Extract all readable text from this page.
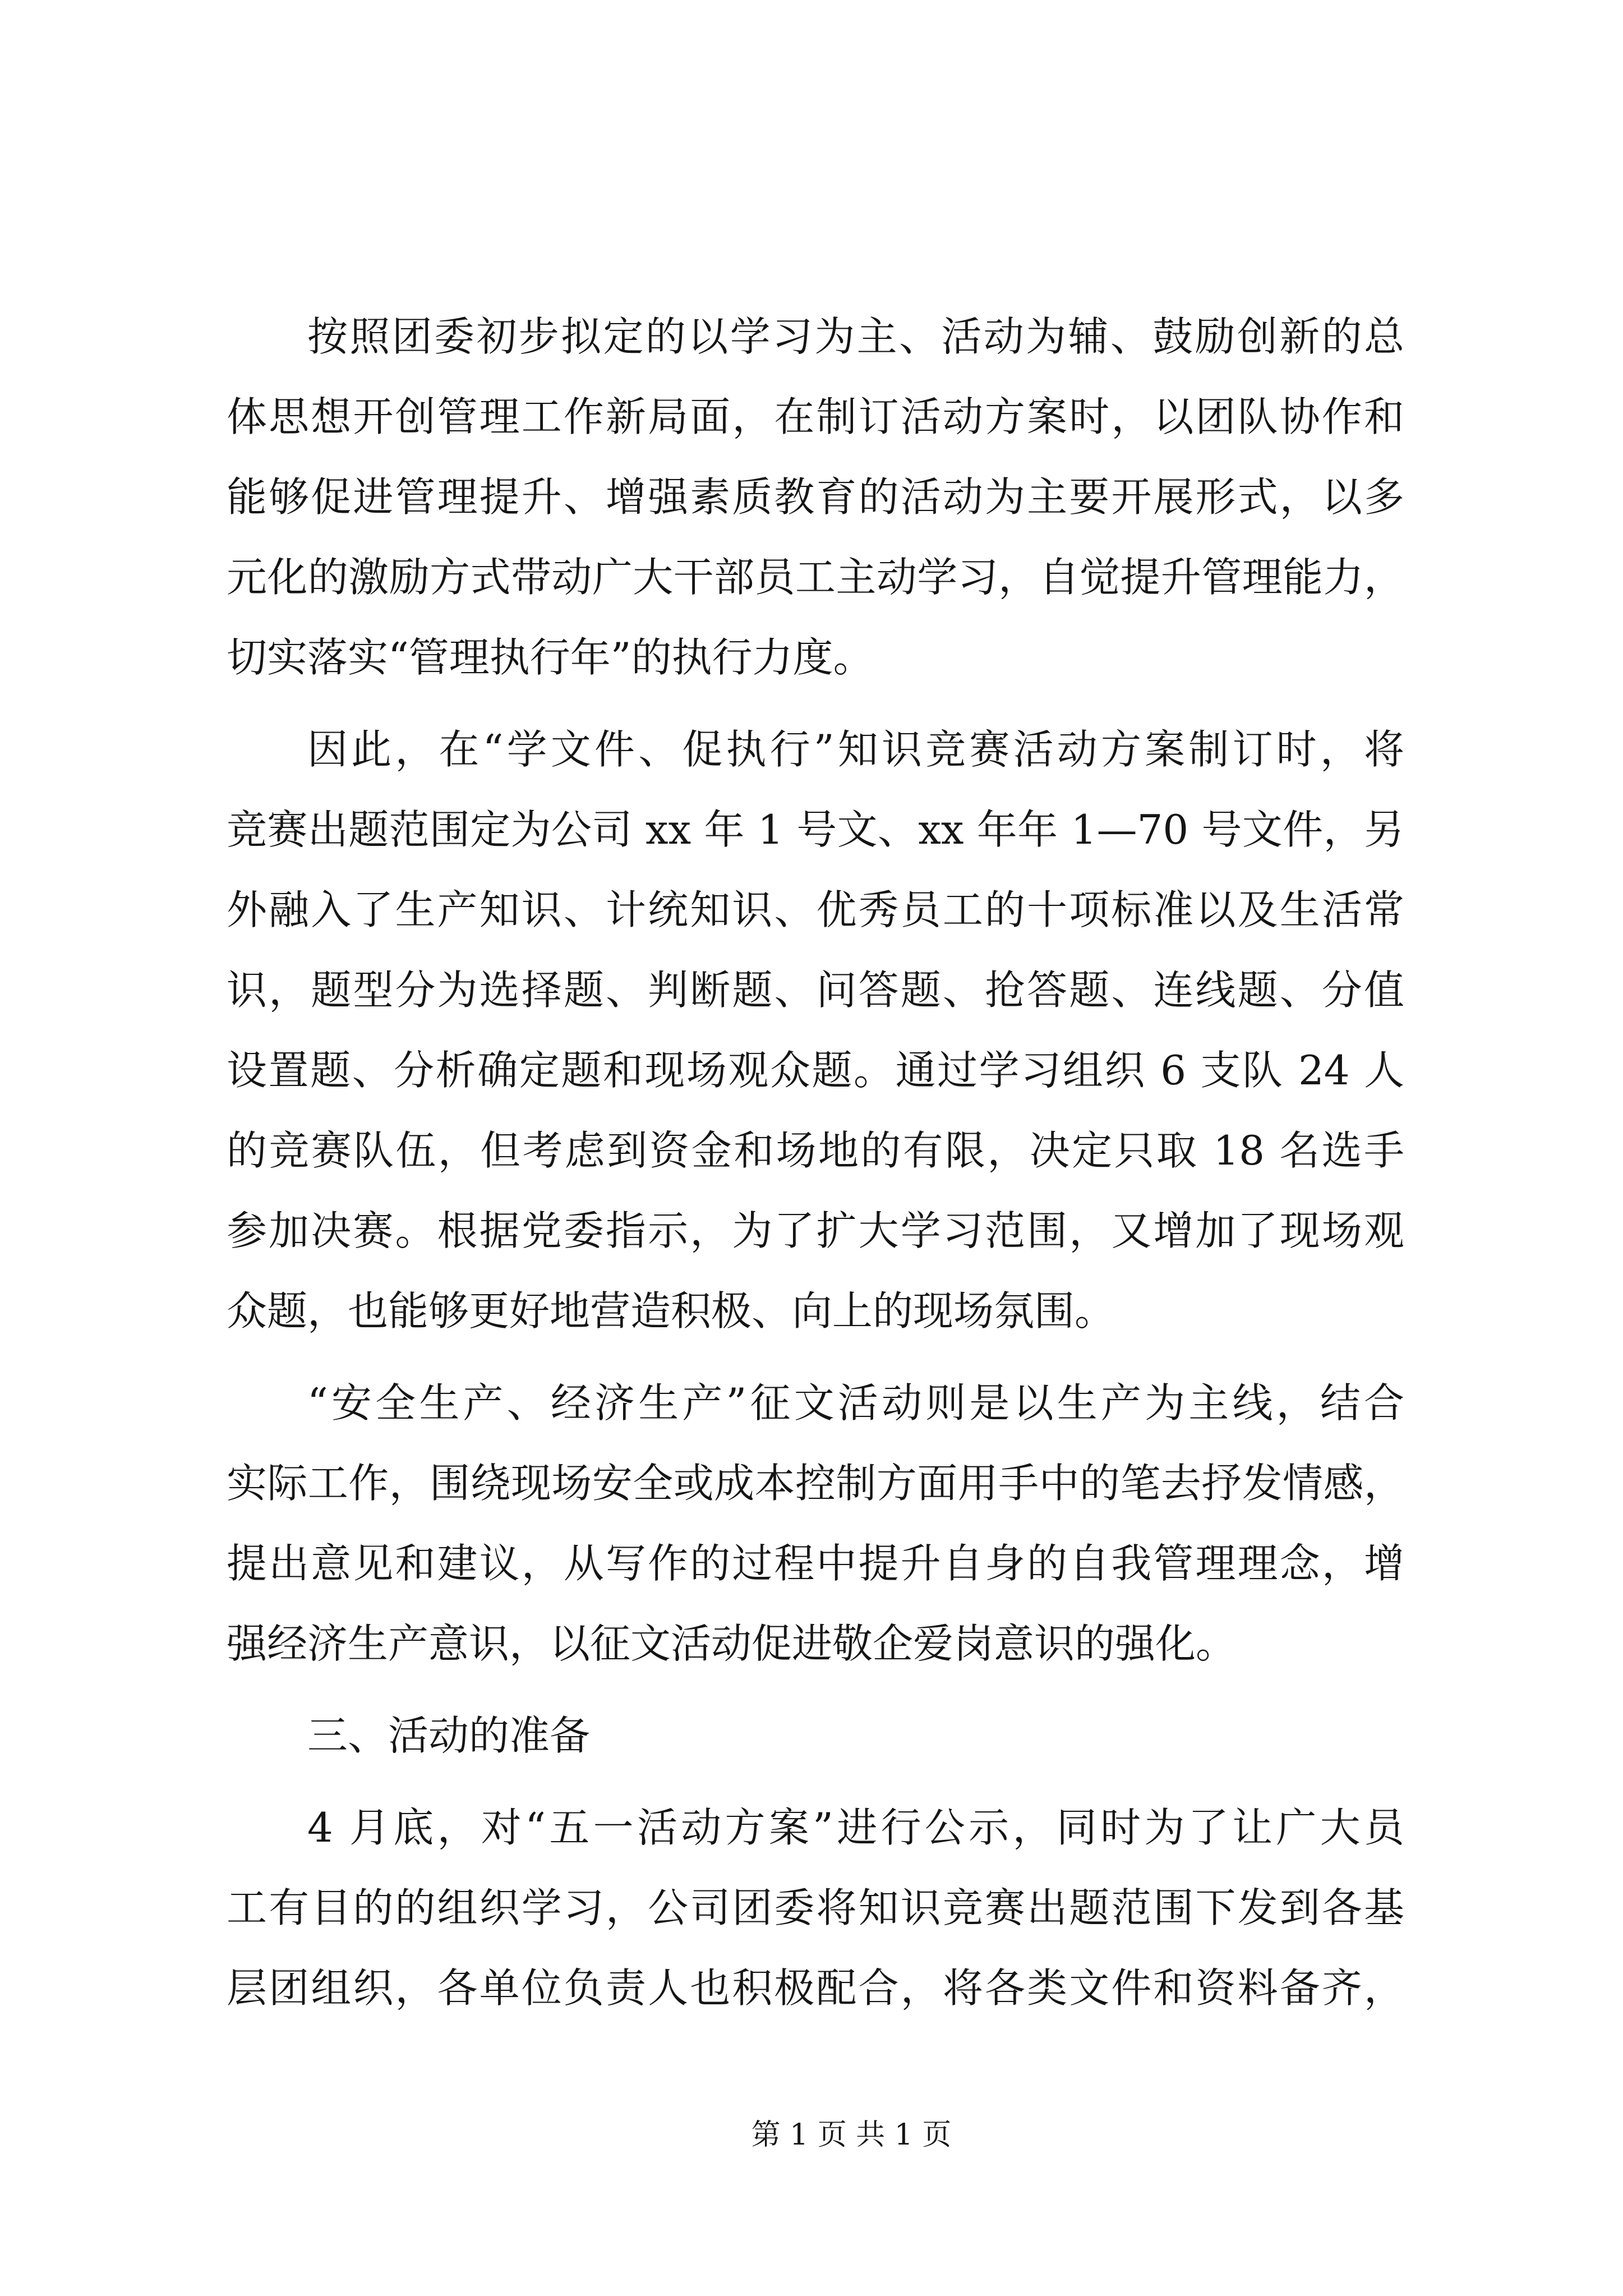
按照团委初步拟定的以学习为主、活动为辅、鼓励创新的总
体思想开创管理工作新局面，在制订活动方案时，以团队协作和
能够促进管理提升、增强素质教育的活动为主要开展形式，以多
元化的激励方式带动广大干部员工主动学习，自觉提升管理能力，
切实落实“管理执行年”的执行力度。
因此，在“学文件、促执行”知识竞赛活动方案制订时，将
竞赛出题范围定为公司 xx 年 1 号文、xx 年年 1—70 号文件，另
外融入了生产知识、计统知识、优秀员工的十项标准以及生活常
识，题型分为选择题、判断题、问答题、抢答题、连线题、分值
设置题、分析确定题和现场观众题。通过学习组织 6 支队 24 人
的竞赛队伍，但考虑到资金和场地的有限，决定只取 18 名选手
参加决赛。根据党委指示，为了扩大学习范围，又增加了现场观
众题，也能够更好地营造积极、向上的现场氛围。
“安全生产、经济生产”征文活动则是以生产为主线，结合
实际工作，围绕现场安全或成本控制方面用手中的笔去抒发情感，
提出意见和建议，从写作的过程中提升自身的自我管理理念，增
强经济生产意识，以征文活动促进敬企爱岗意识的强化。
三、活动的准备
4 月底，对“五一活动方案”进行公示，同时为了让广大员
工有目的的组织学习，公司团委将知识竞赛出题范围下发到各基
层团组织，各单位负责人也积极配合，将各类文件和资料备齐，
第 1 页 共 1 页
